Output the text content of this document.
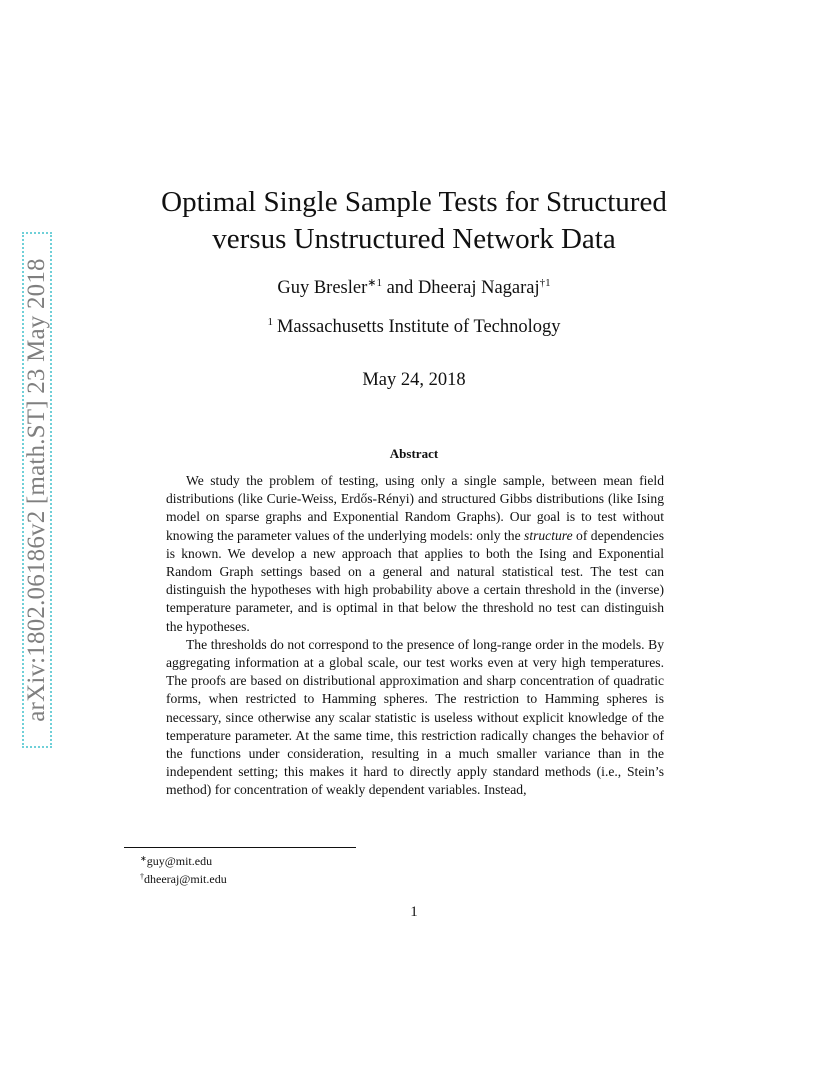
arXiv:1802.06186v2 [math.ST] 23 May 2018
Optimal Single Sample Tests for Structured
versus Unstructured Network Data
Guy Bresler$^{∗1}$ and Dheeraj Nagaraj$^{\dagger 1}$
$^1$ Massachusetts Institute of Technology
May 24, 2018
Abstract

We study the problem of testing, using only a single sample, between mean field distributions (like Curie-Weiss, Erdős-Rényi) and structured Gibbs distributions (like Ising model on sparse graphs and Exponential Random Graphs). Our goal is to test without knowing the parameter values of the underlying models: only the structure of dependencies is known. We develop a new approach that applies to both the Ising and Exponential Random Graph settings based on a general and natural statistical test. The test can distinguish the hypotheses with high probability above a certain threshold in the (inverse) temperature parameter, and is optimal in that below the threshold no test can distinguish the hypotheses.

The thresholds do not correspond to the presence of long-range order in the models. By aggregating information at a global scale, our test works even at very high temperatures. The proofs are based on distributional approximation and sharp concentration of quadratic forms, when restricted to Hamming spheres. The restriction to Hamming spheres is necessary, since otherwise any scalar statistic is useless without explicit knowledge of the temperature parameter. At the same time, this restriction radically changes the behavior of the functions under consideration, resulting in a much smaller variance than in the independent setting; this makes it hard to directly apply standard methods (i.e., Stein’s method) for concentration of weakly dependent variables. Instead,

∗guy@mit.edu
†dheeraj@mit.edu
1
